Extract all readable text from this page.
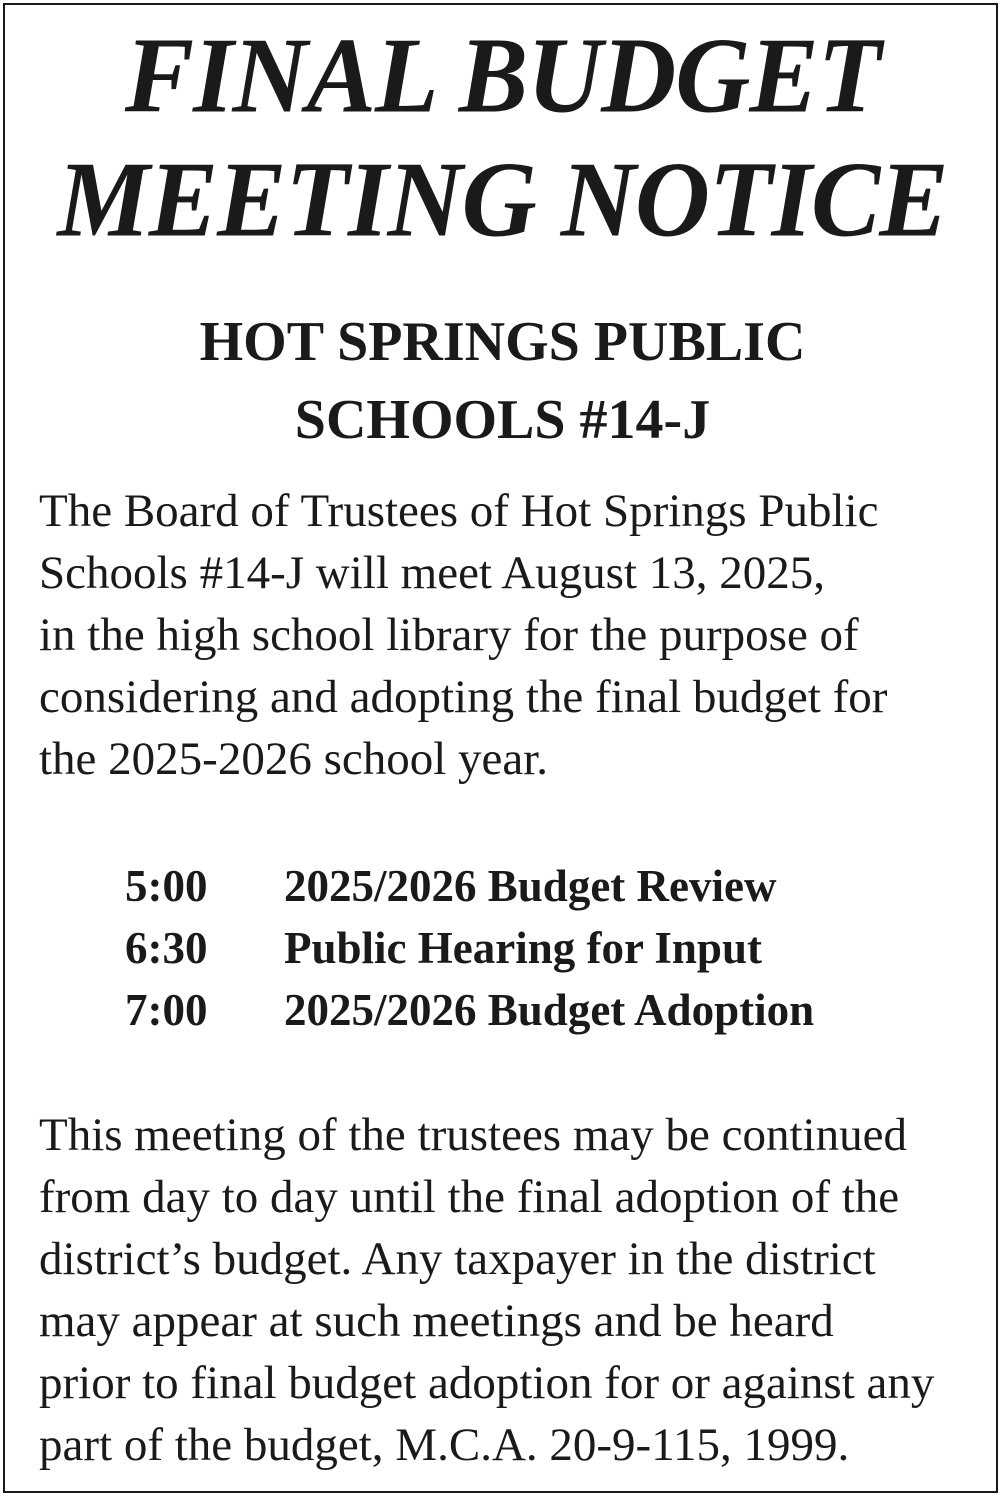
FINAL BUDGET
MEETING NOTICE
HOT SPRINGS PUBLIC
SCHOOLS #14-J

The Board of Trustees of Hot Springs Public
Schools #14-J will meet August 13, 2025,
in the high school library for the purpose of
considering and adopting the final budget for
the 2025-2026 school year.

5:00 2025/2026 Budget Review
6:30 Public Hearing for Input
7:00 2025/2026 Budget Adoption

This meeting of the trustees may be continued
from day to day until the final adoption of the
district’s budget. Any taxpayer in the district
may appear at such meetings and be heard
prior to final budget adoption for or against any
part of the budget, M.C.A. 20-9-115, 1999.
